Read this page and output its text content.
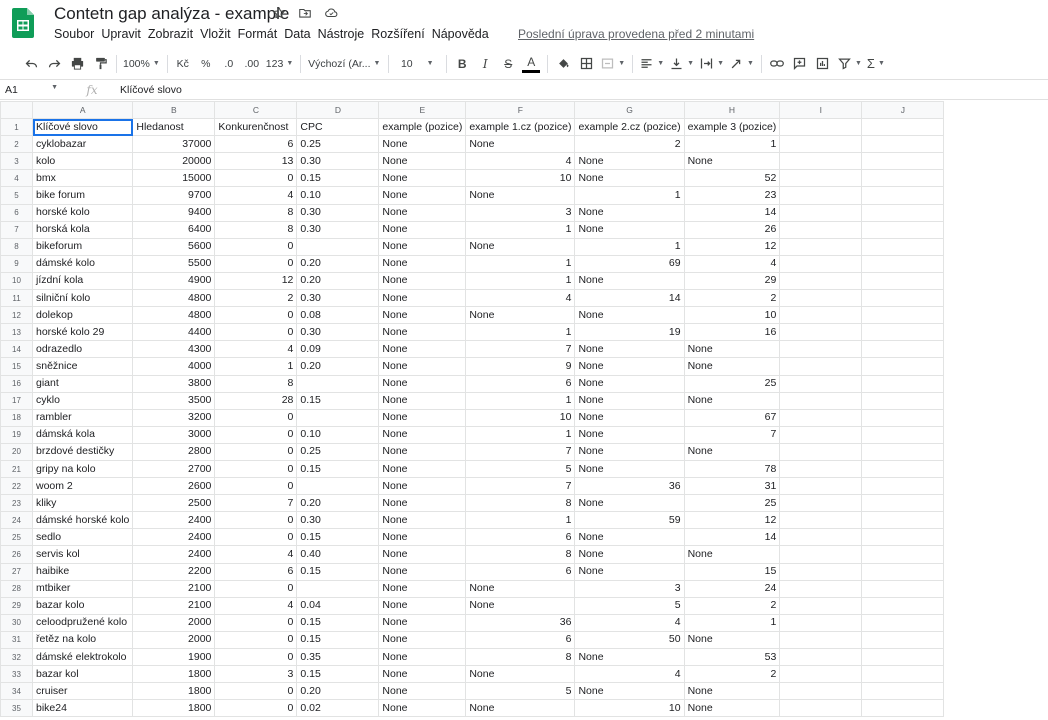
Contetn gap analýza - example
Soubor Upravit Zobrazit Vložit Formát Data Nástroje Rozšíření Nápověda Poslední úprava provedena před 2 minutami
100% ▼ Kč	%	.0	.00 123 ▼ Výchozí (Ar... ▼ 10 ▼	B	I	S	A	▼	▼	▼	▼	▼	▼ Σ ▼
A1	▼	fx	Klíčové slovo
	A	B	C	D	E	F	G	H	I	J
1	Klíčové slovo	Hledanost	Konkurenčnost	CPC	example (pozice)	example 1.cz (pozice)	example 2.cz (pozice)	example 3 (pozice)		
2	cyklobazar	37000	6	0.25	None	None	2	1		
3	kolo	20000	13	0.30	None	4	None	None		
4	bmx	15000	0	0.15	None	10	None	52		
5	bike forum	9700	4	0.10	None	None	1	23		
6	horské kolo	9400	8	0.30	None	3	None	14		
7	horská kola	6400	8	0.30	None	1	None	26		
8	bikeforum	5600	0		None	None	1	12		
9	dámské kolo	5500	0	0.20	None	1	69	4		
10	jízdní kola	4900	12	0.20	None	1	None	29		
11	silniční kolo	4800	2	0.30	None	4	14	2		
12	dolekop	4800	0	0.08	None	None	None	10		
13	horské kolo 29	4400	0	0.30	None	1	19	16		
14	odrazedlo	4300	4	0.09	None	7	None	None		
15	sněžnice	4000	1	0.20	None	9	None	None		
16	giant	3800	8		None	6	None	25		
17	cyklo	3500	28	0.15	None	1	None	None		
18	rambler	3200	0		None	10	None	67		
19	dámská kola	3000	0	0.10	None	1	None	7		
20	brzdové destičky	2800	0	0.25	None	7	None	None		
21	gripy na kolo	2700	0	0.15	None	5	None	78		
22	woom 2	2600	0		None	7	36	31		
23	kliky	2500	7	0.20	None	8	None	25		
24	dámské horské kolo	2400	0	0.30	None	1	59	12		
25	sedlo	2400	0	0.15	None	6	None	14		
26	servis kol	2400	4	0.40	None	8	None	None		
27	haibike	2200	6	0.15	None	6	None	15		
28	mtbiker	2100	0		None	None	3	24		
29	bazar kolo	2100	4	0.04	None	None	5	2		
30	celoodpružené kolo	2000	0	0.15	None	36	4	1		
31	řetěz na kolo	2000	0	0.15	None	6	50	None		
32	dámské elektrokolo	1900	0	0.35	None	8	None	53		
33	bazar kol	1800	3	0.15	None	None	4	2		
34	cruiser	1800	0	0.20	None	5	None	None		
35	bike24	1800	0	0.02	None	None	10	None		
